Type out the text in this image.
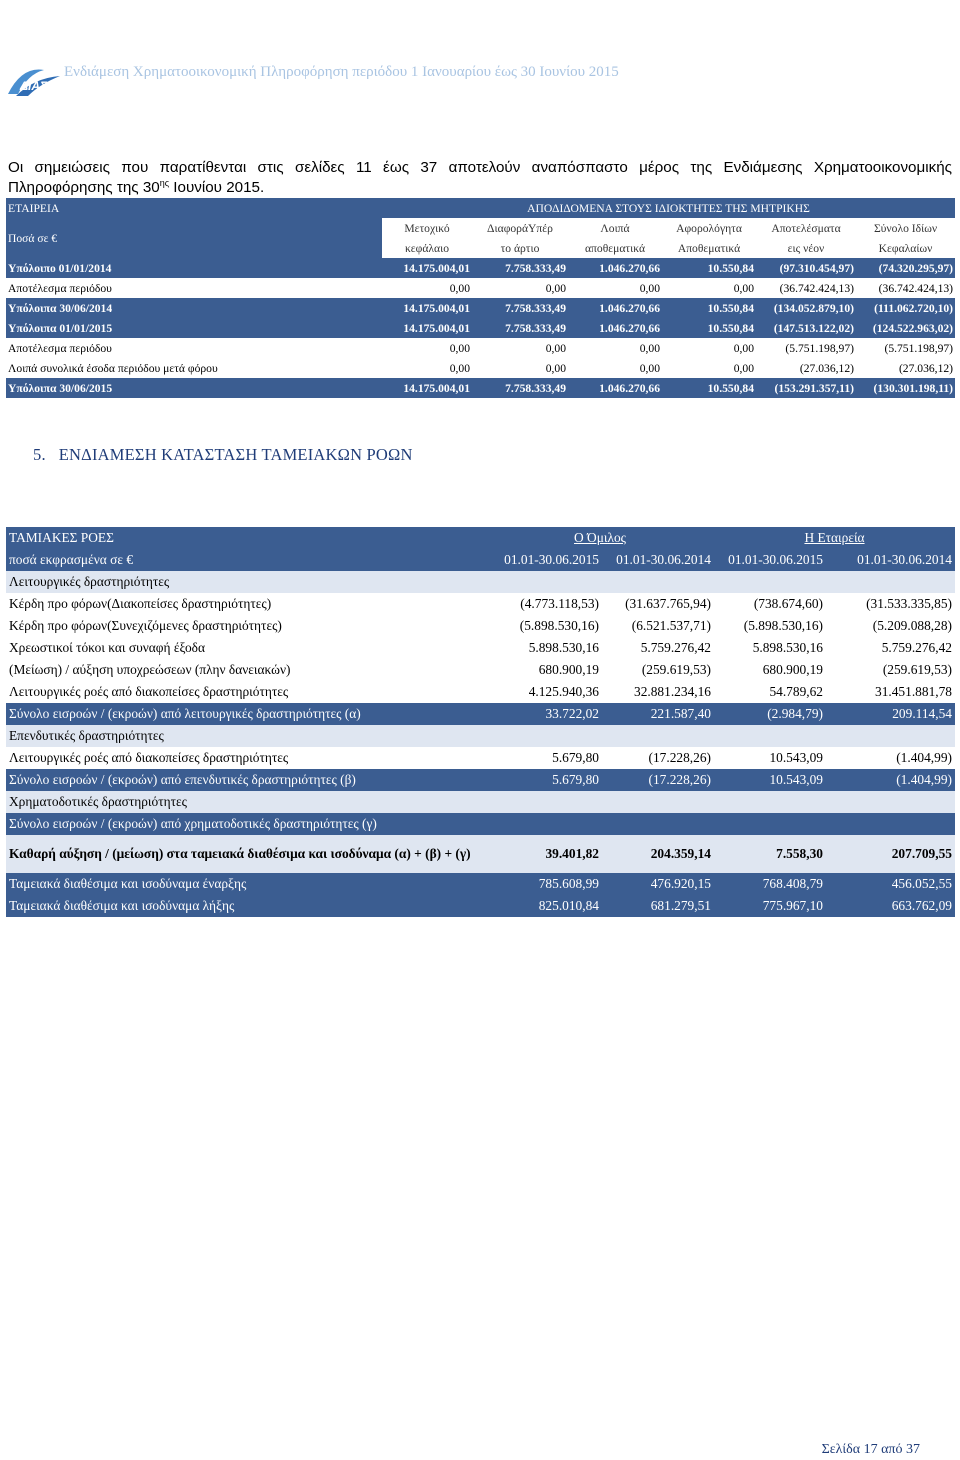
ΔΙΑΣ
Ενδιάμεση Χρηματοοικονομική Πληροφόρηση περιόδου 1 Ιανουαρίου έως 30 Ιουνίου 2015
Οι σημειώσεις που παρατίθενται στις σελίδες 11 έως 37 αποτελούν αναπόσπαστο μέρος της Ενδιάμεσης Χρηματοοικονομικής Πληροφόρησης της $30^{\eta\varsigma}$ Ιουνίου 2015.
ΕΤΑΙΡΕΙΑ	ΑΠΟΔΙΔΟΜΕΝΑ ΣΤΟΥΣ ΙΔΙΟΚΤΗΤΕΣ ΤΗΣ ΜΗΤΡΙΚΗΣ					
Ποσά σε €	Μετοχικό	ΔιαφοράΥπέρ	Λοιπά	Αφορολόγητα	Αποτελέσματα	Σύνολο Ιδίων
	κεφάλαιο	το άρτιο	αποθεματικά	Αποθεματικά	εις νέον	Κεφαλαίων
Υπόλοιπο 01/01/2014	14.175.004,01	7.758.333,49	1.046.270,66	10.550,84	(97.310.454,97)	(74.320.295,97)
Αποτέλεσμα περιόδου	0,00	0,00	0,00	0,00	(36.742.424,13)	(36.742.424,13)
Υπόλοιπα 30/06/2014	14.175.004,01	7.758.333,49	1.046.270,66	10.550,84	(134.052.879,10)	(111.062.720,10)
Υπόλοιπα 01/01/2015	14.175.004,01	7.758.333,49	1.046.270,66	10.550,84	(147.513.122,02)	(124.522.963,02)
Αποτέλεσμα περιόδου	0,00	0,00	0,00	0,00	(5.751.198,97)	(5.751.198,97)
Λοιπά συνολικά έσοδα περιόδου μετά φόρου	0,00	0,00	0,00	0,00	(27.036,12)	(27.036,12)
Υπόλοιπα 30/06/2015	14.175.004,01	7.758.333,49	1.046.270,66	10.550,84	(153.291.357,11)	(130.301.198,11)
5. ΕΝΔΙΑΜΕΣΗ ΚΑΤΑΣΤΑΣΗ ΤΑΜΕΙΑΚΩΝ ΡΟΩΝ
ΤΑΜΙΑΚΕΣ ΡΟΕΣ	Ο Όμιλος		Η Εταιρεία	
ποσά εκφρασμένα σε €	01.01-30.06.2015	01.01-30.06.2014	01.01-30.06.2015	01.01-30.06.2014
Λειτουργικές δραστηριότητες				
Κέρδη προ φόρων(Διακοπείσες δραστηριότητες)	(4.773.118,53)	(31.637.765,94)	(738.674,60)	(31.533.335,85)
Κέρδη προ φόρων(Συνεχιζόμενες δραστηριότητες)	(5.898.530,16)	(6.521.537,71)	(5.898.530,16)	(5.209.088,28)
Χρεωστικοί τόκοι και συναφή έξοδα	5.898.530,16	5.759.276,42	5.898.530,16	5.759.276,42
(Μείωση) / αύξηση υποχρεώσεων (πλην δανειακών)	680.900,19	(259.619,53)	680.900,19	(259.619,53)
Λειτουργικές ροές από διακοπείσες δραστηριότητες	4.125.940,36	32.881.234,16	54.789,62	31.451.881,78
Σύνολο εισροών / (εκροών) από λειτουργικές δραστηριότητες (α)	33.722,02	221.587,40	(2.984,79)	209.114,54
Επενδυτικές δραστηριότητες				
Λειτουργικές ροές από διακοπείσες δραστηριότητες	5.679,80	(17.228,26)	10.543,09	(1.404,99)
Σύνολο εισροών / (εκροών) από επενδυτικές δραστηριότητες (β)	5.679,80	(17.228,26)	10.543,09	(1.404,99)
Χρηματοδοτικές δραστηριότητες				
Σύνολο εισροών / (εκροών) από χρηματοδοτικές δραστηριότητες (γ)				
Καθαρή αύξηση / (μείωση) στα ταμειακά διαθέσιμα και ισοδύναμα (α) + (β) + (γ)	39.401,82	204.359,14	7.558,30	207.709,55
Ταμειακά διαθέσιμα και ισοδύναμα έναρξης	785.608,99	476.920,15	768.408,79	456.052,55
Ταμειακά διαθέσιμα και ισοδύναμα λήξης	825.010,84	681.279,51	775.967,10	663.762,09
Σελίδα 17 από 37
